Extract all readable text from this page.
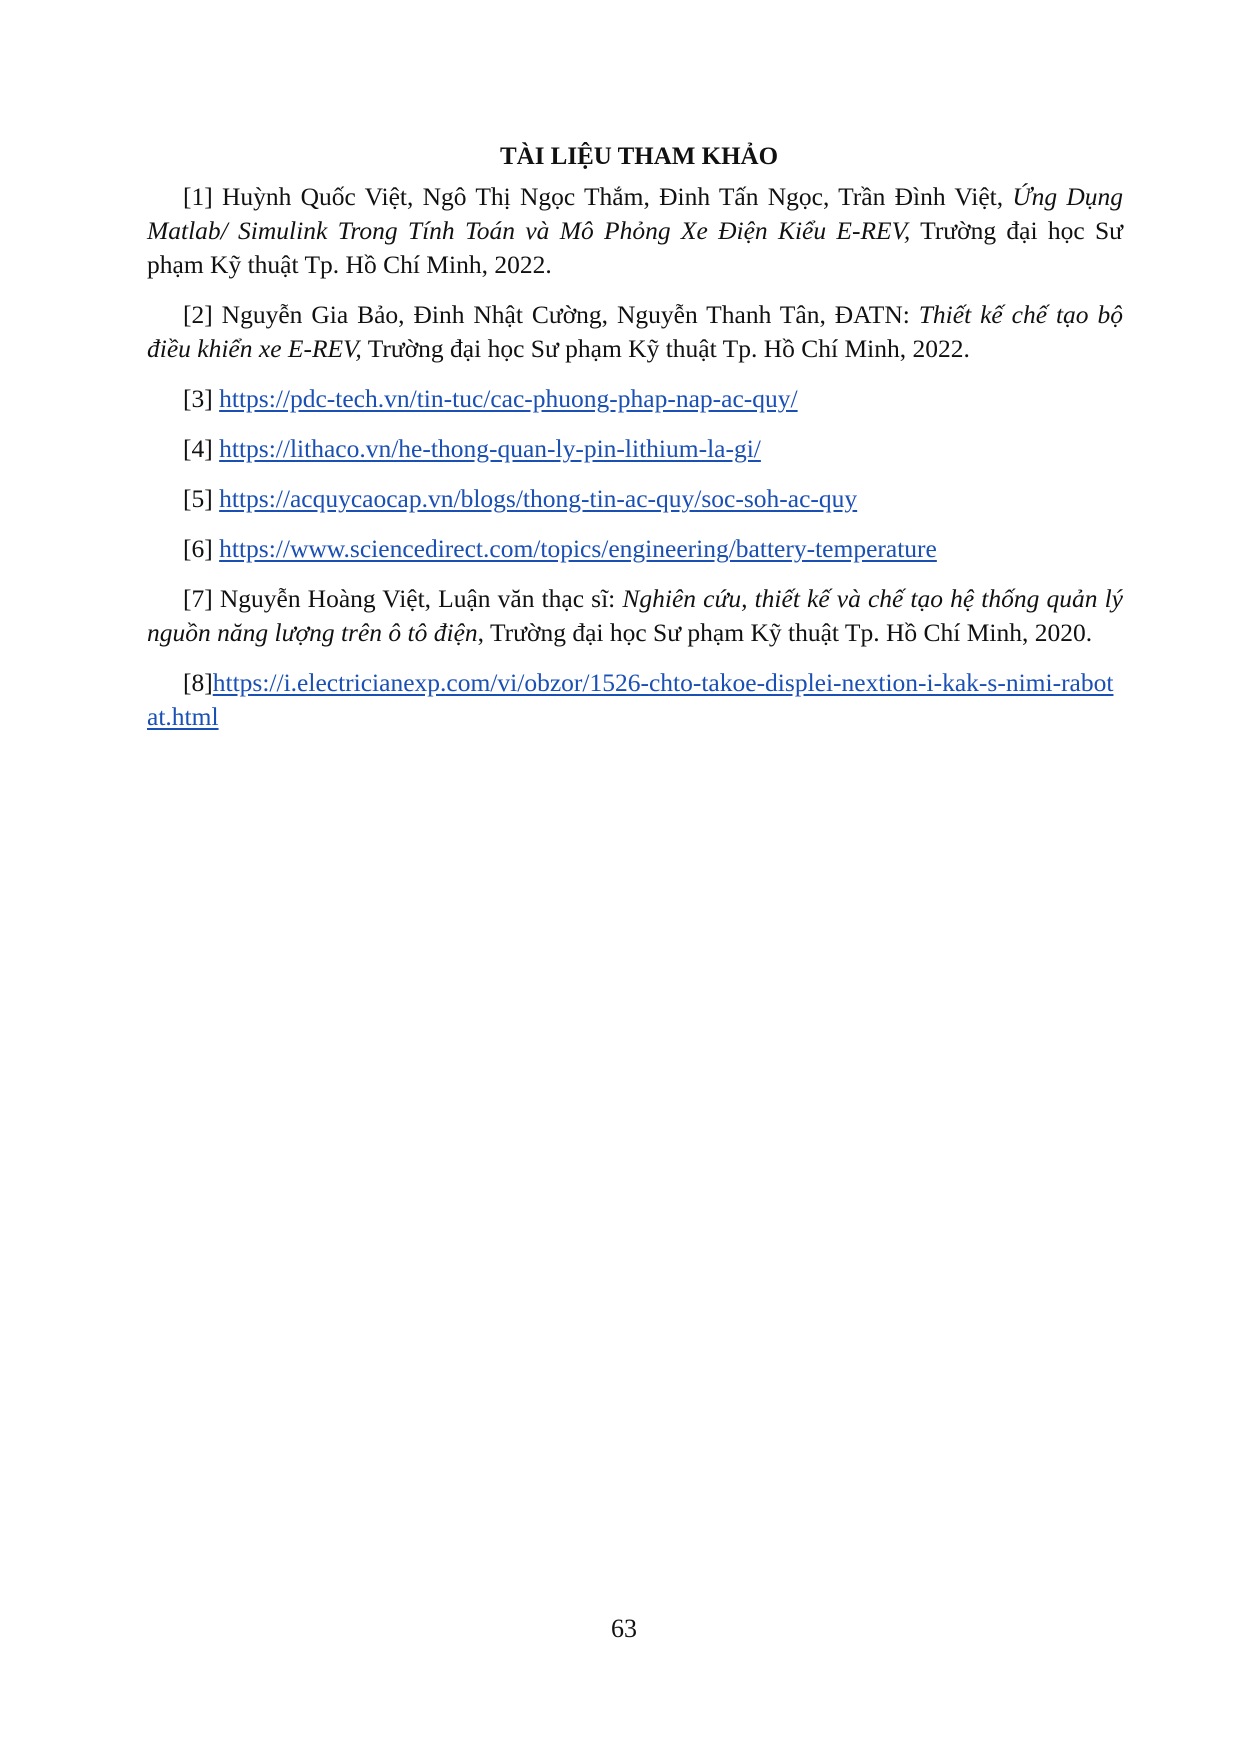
TÀI LIỆU THAM KHẢO

[1] Huỳnh Quốc Việt, Ngô Thị Ngọc Thắm, Đinh Tấn Ngọc, Trần Đình Việt, Ứng Dụng Matlab/ Simulink Trong Tính Toán và Mô Phỏng Xe Điện Kiểu E-REV, Trường đại học Sư phạm Kỹ thuật Tp. Hồ Chí Minh, 2022.

[2] Nguyễn Gia Bảo, Đinh Nhật Cường, Nguyễn Thanh Tân, ĐATN: Thiết kế chế tạo bộ điều khiển xe E-REV, Trường đại học Sư phạm Kỹ thuật Tp. Hồ Chí Minh, 2022.

[3] https://pdc-tech.vn/tin-tuc/cac-phuong-phap-nap-ac-quy/

[4] https://lithaco.vn/he-thong-quan-ly-pin-lithium-la-gi/

[5] https://acquycaocap.vn/blogs/thong-tin-ac-quy/soc-soh-ac-quy

[6] https://www.sciencedirect.com/topics/engineering/battery-temperature

[7] Nguyễn Hoàng Việt, Luận văn thạc sĩ: Nghiên cứu, thiết kế và chế tạo hệ thống quản lý nguồn năng lượng trên ô tô điện, Trường đại học Sư phạm Kỹ thuật Tp. Hồ Chí Minh, 2020.

[8]https://i.electricianexp.com/vi/obzor/1526-chto-takoe-displei-nextion-i-kak-s-nimi-rabotat.html

63
